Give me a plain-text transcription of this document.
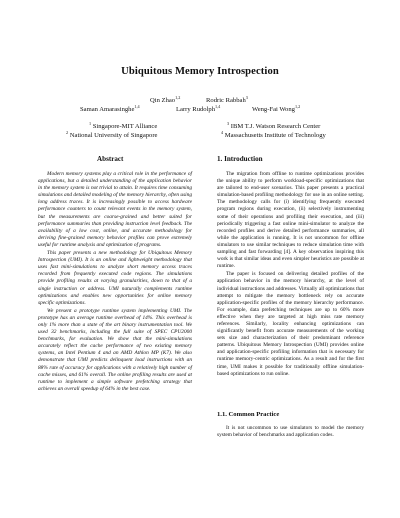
Ubiquitous Memory Introspection
Qin Zhao$^{1,2}$	Rodric Rabbah$^3$
Saman Amarasinghe$^{1,4}$	Larry Rudolph$^{1,4}$	Weng-Fai Wong$^{1,2}$
$^1$ Singapore-MIT Alliance	$^3$ IBM T.J. Watson Research Center
$^2$ National University of Singapore	$^4$ Massachusetts Institute of Technology
Abstract

Modern memory systems play a critical role in the performance of applications, but a detailed understanding of the application behavior in the memory system is not trivial to attain. It requires time consuming simulations and detailed modeling of the memory hierarchy, often using long address traces. It is increasingly possible to access hardware performance counters to count relevant events in the memory system, but the measurements are coarse-grained and better suited for performance summaries than providing instruction level feedback. The availability of a low cost, online, and accurate methodology for deriving fine-grained memory behavior profiles can prove extremely useful for runtime analysis and optimization of programs.

This paper presents a new methodology for Ubiquitous Memory Introspection (UMI). It is an online and lightweight methodology that uses fast mini-simulations to analyze short memory access traces recorded from frequently executed code regions. The simulations provide profiling results at varying granularities, down to that of a single instruction or address. UMI naturally complements runtime optimizations and enables new opportunities for online memory specific optimizations.

We present a prototype runtime system implementing UMI. The prototype has an average runtime overhead of 14%. This overhead is only 1% more than a state of the art binary instrumentation tool. We used 32 benchmarks, including the full suite of SPEC CPU2000 benchmarks, for evaluation. We show that the mini-simulations accurately reflect the cache performance of two existing memory systems, an Intel Pentium 4 and an AMD Athlon MP (K7). We also demonstrate that UMI predicts delinquent load instructions with an 88% rate of accuracy for applications with a relatively high number of cache misses, and 61% overall. The online profiling results are used at runtime to implement a simple software prefetching strategy that achieves an overall speedup of 64% in the best case.

1. Introduction

The migration from offline to runtime optimizations provides the unique ability to perform workload-specific optimizations that are tailored to end-user scenarios. This paper presents a practical simulation-based profiling methodology for use in an online setting. The methodology calls for (i) identifying frequently executed program regions during execution, (ii) selectively instrumenting some of their operations and profiling their execution, and (iii) periodically triggering a fast online mini-simulator to analyze the recorded profiles and derive detailed performance summaries, all while the application is running. It is not uncommon for offline simulators to use similar techniques to reduce simulation time with sampling and fast forwarding [4]. A key observation inspiring this work is that similar ideas and even simpler heuristics are possible at runtime.

The paper is focused on delivering detailed profiles of the application behavior in the memory hierarchy, at the level of individual instructions and addresses. Virtually all optimizations that attempt to mitigate the memory bottleneck rely on accurate application-specific profiles of the memory hierarchy performance. For example, data prefetching techniques are up to 60% more effective when they are targeted at high miss rate memory references. Similarly, locality enhancing optimizations can significantly benefit from accurate measurements of the working sets size and characterization of their predominant reference patterns. Ubiquitous Memory Introspection (UMI) provides online and application-specific profiling information that is necessary for runtime memory-centric optimizations. As a result and for the first time, UMI makes it possible for traditionally offline simulation-based optimizations to run online.

1.1. Common Practice

It is not uncommon to use simulators to model the memory system behavior of benchmarks and application codes.
